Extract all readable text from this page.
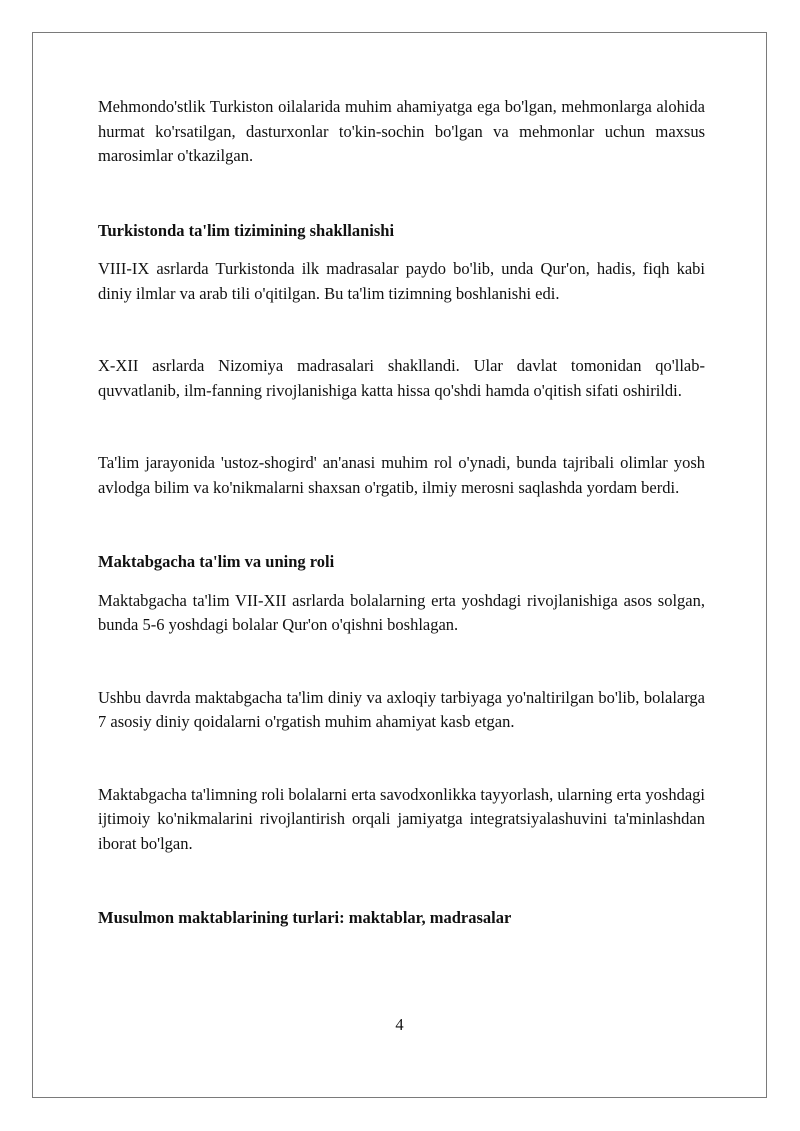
Mehmondo'stlik Turkiston oilalarida muhim ahamiyatga ega bo'lgan, mehmonlarga alohida hurmat ko'rsatilgan, dasturxonlar to'kin-sochin bo'lgan va mehmonlar uchun maxsus marosimlar o'tkazilgan.

Turkistonda ta'lim tizimining shakllanishi

VIII-IX asrlarda Turkistonda ilk madrasalar paydo bo'lib, unda Qur'on, hadis, fiqh kabi diniy ilmlar va arab tili o'qitilgan. Bu ta'lim tizimning boshlanishi edi.

X-XII asrlarda Nizomiya madrasalari shakllandi. Ular davlat tomonidan qo'llab-quvvatlanib, ilm-fanning rivojlanishiga katta hissa qo'shdi hamda o'qitish sifati oshirildi.

Ta'lim jarayonida 'ustoz-shogird' an'anasi muhim rol o'ynadi, bunda tajribali olimlar yosh avlodga bilim va ko'nikmalarni shaxsan o'rgatib, ilmiy merosni saqlashda yordam berdi.

Maktabgacha ta'lim va uning roli

Maktabgacha ta'lim VII-XII asrlarda bolalarning erta yoshdagi rivojlanishiga asos solgan, bunda 5-6 yoshdagi bolalar Qur'on o'qishni boshlagan.

Ushbu davrda maktabgacha ta'lim diniy va axloqiy tarbiyaga yo'naltirilgan bo'lib, bolalarga 7 asosiy diniy qoidalarni o'rgatish muhim ahamiyat kasb etgan.

Maktabgacha ta'limning roli bolalarni erta savodxonlikka tayyorlash, ularning erta yoshdagi ijtimoiy ko'nikmalarini rivojlantirish orqali jamiyatga integratsiyalashuvini ta'minlashdan iborat bo'lgan.

Musulmon maktablarining turlari: maktablar, madrasalar

4
